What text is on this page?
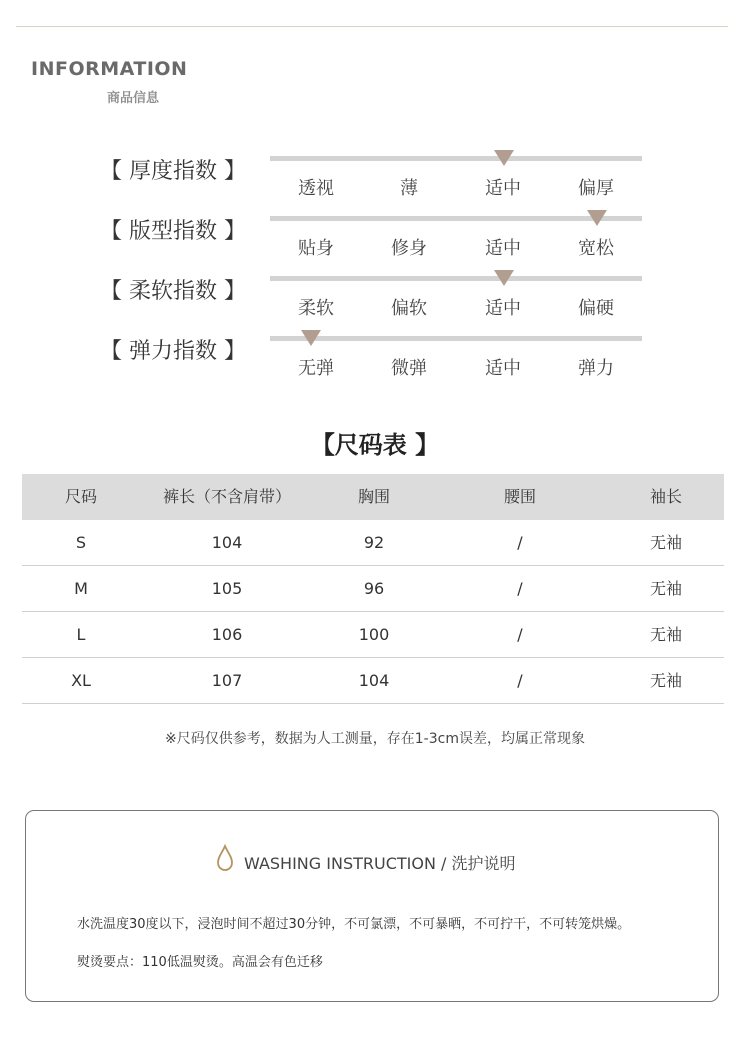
INFORMATION
商品信息
【 厚度指数 】
透视	薄	适中	偏厚
【 版型指数 】
贴身	修身	适中	宽松
【 柔软指数 】
柔软	偏软	适中	偏硬
【 弹力指数 】
无弹	微弹	适中	弹力
【尺码表 】
尺码	裤长（不含肩带）	胸围	腰围	袖长
S	104	92	/	无袖
M	105	96	/	无袖
L	106	100	/	无袖
XL	107	104	/	无袖
※尺码仅供参考，数据为人工测量，存在1-3cm误差，均属正常现象
WASHING INSTRUCTION / 洗护说明
水洗温度30度以下，浸泡时间不超过30分钟，不可氯漂，不可暴晒，不可拧干，不可转笼烘燥。
熨烫要点：110低温熨烫。高温会有色迁移
